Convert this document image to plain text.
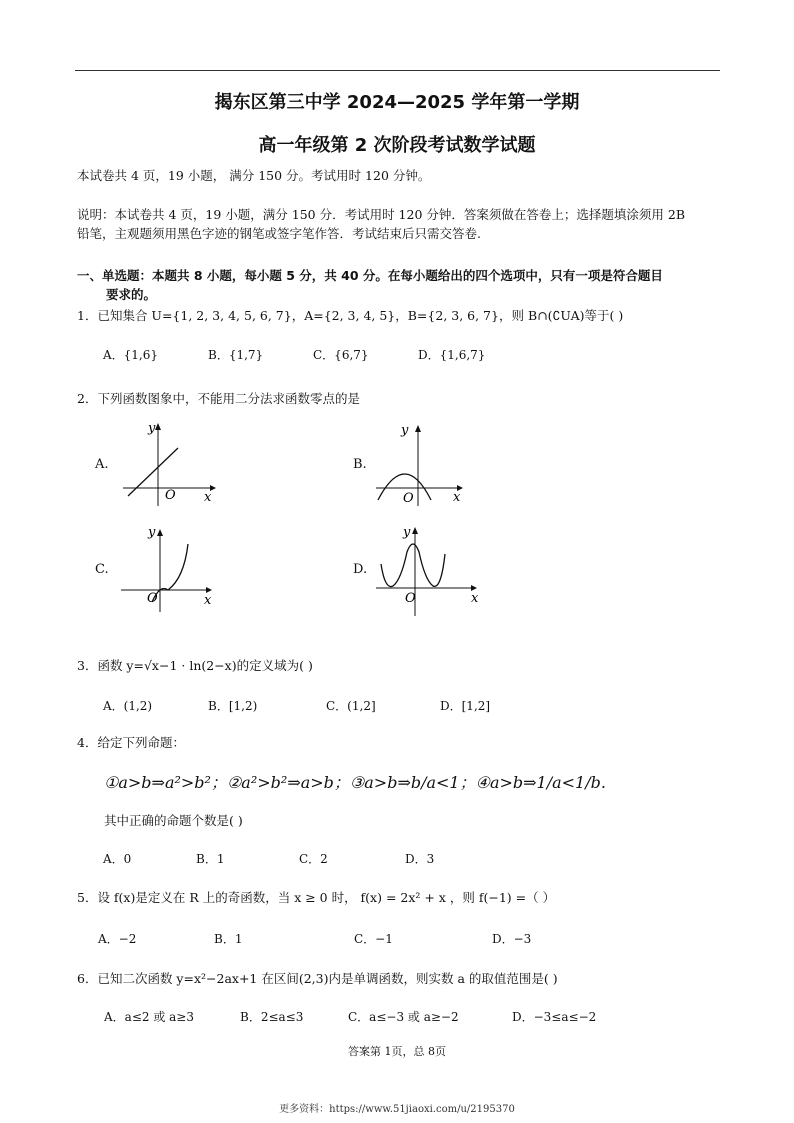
揭东区第三中学 2024—2025 学年第一学期
高一年级第 2 次阶段考试数学试题
本试卷共 4 页，19 小题， 满分 150 分。考试用时 120 分钟。
说明：本试卷共 4 页，19 小题，满分 150 分．考试用时 120 分钟．答案须做在答卷上；选择题填涂须用 2B
铅笔，主观题须用黑色字迹的钢笔或签字笔作答．考试结束后只需交答卷.
一、单选题：本题共 8 小题，每小题 5 分，共 40 分。在每小题给出的四个选项中，只有一项是符合题目
要求的。
1．已知集合 U={1, 2, 3, 4, 5, 6, 7}，A={2, 3, 4, 5}，B={2, 3, 6, 7}，则 B∩(∁UA)等于( )
A．{1,6}	B．{1,7}	C．{6,7}	D．{1,6,7}
2．下列函数图象中，不能用二分法求函数零点的是
A.	B.
C.	D.
y
x
O
y
x
O
y
x
O
y
x
O
3．函数 y=√x−1 · ln(2−x)的定义域为( )
A．(1,2)	B．[1,2)	C．(1,2]	D．[1,2]
4．给定下列命题：
①a>b⇒a²>b²；②a²>b²⇒a>b；③a>b⇒b/a<1；④a>b⇒1/a<1/b.
其中正确的命题个数是( )
A．0	B．1	C．2	D．3
5．设 f(x)是定义在 R 上的奇函数，当 x ≥ 0 时， f(x) = 2x² + x ，则 f(−1) =（ ）
A．−2	B．1	C．−1	D．−3
6．已知二次函数 y=x²−2ax+1 在区间(2,3)内是单调函数，则实数 a 的取值范围是( )
A．a≤2 或 a≥3	B．2≤a≤3	C．a≤−3 或 a≥−2	D．−3≤a≤−2
答案第 1页，总 8页
更多资料：https://www.51jiaoxi.com/u/2195370
